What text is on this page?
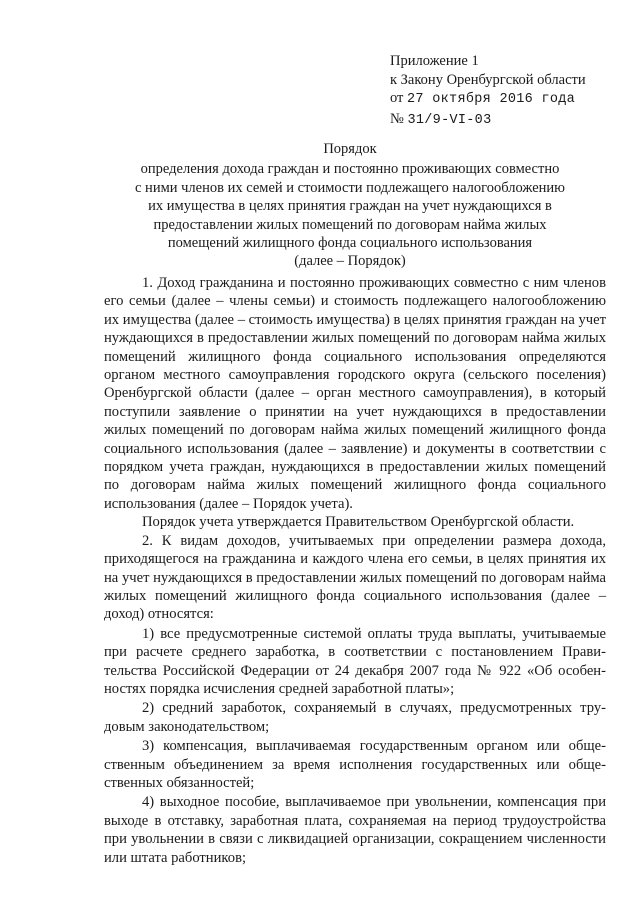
Приложение 1
к Закону Оренбургской области
от 27 октября 2016 года
№ 31/9-VI-03
Порядок
определения дохода граждан и постоянно проживающих совместно
с ними членов их семей и стоимости подлежащего налогообложению
их имущества в целях принятия граждан на учет нуждающихся в
предоставлении жилых помещений по договорам найма жилых
помещений жилищного фонда социального использования
(далее – Порядок)

1. Доход гражданина и постоянно проживающих совместно с ним членов его семьи (далее – члены семьи) и стоимость подлежащего налогообложению их имущества (далее – стоимость имущества) в целях принятия граждан на учет нуждающихся в предоставлении жилых помещений по договорам найма жилых помещений жилищного фонда социального использования определяются органом местного самоуправления городского округа (сельского поселения) Оренбургской области (далее – орган местного самоуправления), в который поступили заявление о принятии на учет нуждающихся в предоставлении жилых помещений по договорам найма жилых помещений жилищного фонда социального использования (далее – заявление) и документы в соответствии с порядком учета граждан, нуждающихся в предоставлении жилых помещений по договорам найма жилых помещений жилищного фонда социального использования (далее – Порядок учета).

Порядок учета утверждается Правительством Оренбургской области.

2. К видам доходов, учитываемых при определении размера дохода, приходящегося на гражданина и каждого члена его семьи, в целях принятия их на учет нуждающихся в предоставлении жилых помещений по договорам найма жилых помещений жилищного фонда социального использования (далее – доход) относятся:

1) все предусмотренные системой оплаты труда выплаты, учитываемые при расчете среднего заработка, в соответствии с постановлением Правительства Российской Федерации от 24 декабря 2007 года № 922 «Об особенностях порядка исчисления средней заработной платы»;

2) средний заработок, сохраняемый в случаях, предусмотренных трудовым законодательством;

3) компенсация, выплачиваемая государственным органом или общественным объединением за время исполнения государственных или общественных обязанностей;

4) выходное пособие, выплачиваемое при увольнении, компенсация при выходе в отставку, заработная плата, сохраняемая на период трудоустройства при увольнении в связи с ликвидацией организации, сокращением численности или штата работников;
